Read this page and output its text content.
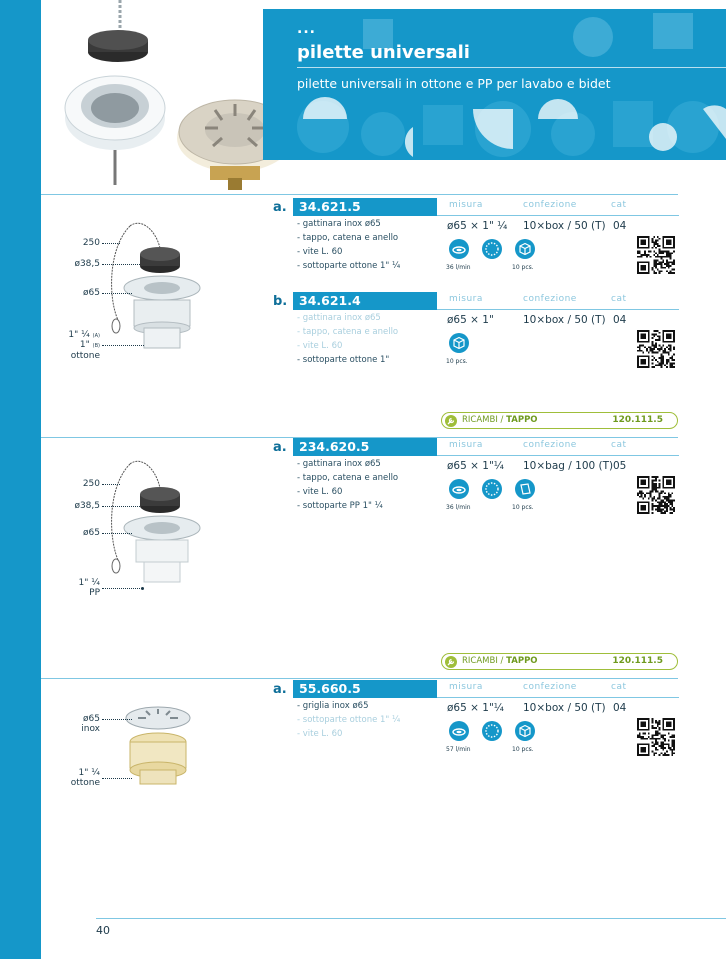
...
pilette universali
pilette universali in ottone e PP per lavabo e bidet
250
ø38,5
ø65
1" ¼ (A)
1" (B)
ottone
a. 34.621.5	misura	confezione	cat
- gattinara inox ø65
- tappo, catena e anello
- vite L. 60
- sottoparte ottone 1" ¼
ø65 × 1" ¼ 10×box / 50 (T) 04
36 l/min	10 pcs.
b. 34.621.4	misura	confezione	cat
- gattinara inox ø65
- tappo, catena e anello
- vite L. 60
- sottoparte ottone 1"
ø65 × 1"	10×box / 50 (T) 04
10 pcs.
RICAMBI / TAPPO	120.111.5
250
ø38,5
ø65
1" ¼
PP
a. 234.620.5	misura	confezione	cat
- gattinara inox ø65
- tappo, catena e anello
- vite L. 60
- sottoparte PP 1" ¼
ø65 × 1"¼ 10×bag / 100 (T) 05
36 l/min	10 pcs.
RICAMBI / TAPPO	120.111.5
ø65
inox
1" ¼
ottone
a. 55.660.5	misura	confezione	cat
- griglia inox ø65
- sottoparte ottone 1" ¼
- vite L. 60
ø65 × 1"¼ 10×box / 50 (T) 04
57 l/min	10 pcs.
40
